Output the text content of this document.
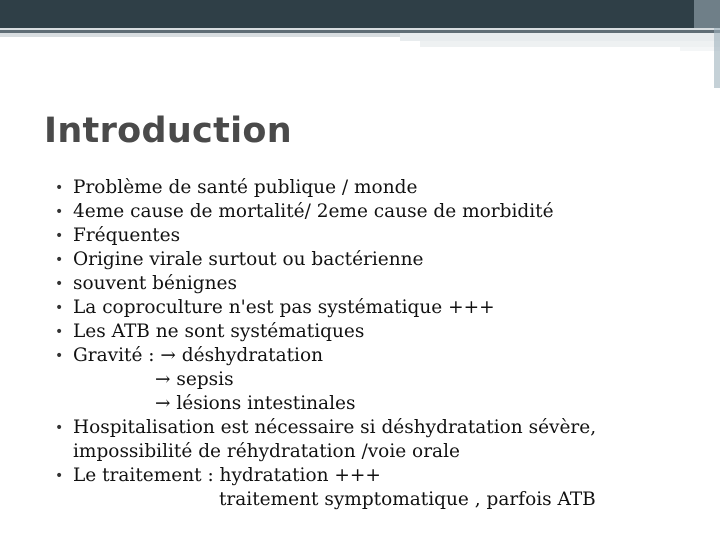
Introduction
• Problème de santé publique / monde
• 4eme cause de mortalité/ 2eme cause de morbidité
• Fréquentes
• Origine virale surtout ou bactérienne
• souvent bénignes
• La coproculture n'est pas systématique +++
• Les ATB ne sont systématiques
• Gravité : → déshydratation
→ sepsis
→ lésions intestinales
• Hospitalisation est nécessaire si déshydratation sévère,
impossibilité de réhydratation /voie orale
• Le traitement : hydratation +++
traitement symptomatique , parfois ATB
